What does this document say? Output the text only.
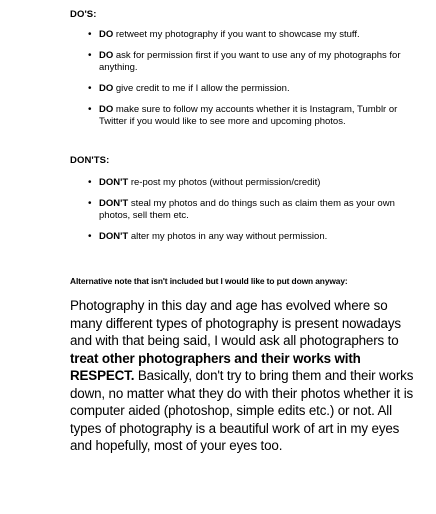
DO'S:
• DO retweet my photography if you want to showcase my stuff.
• DO ask for permission first if you want to use any of my photographs for anything.
• DO give credit to me if I allow the permission.
• DO make sure to follow my accounts whether it is Instagram, Tumblr or Twitter if you would like to see more and upcoming photos.
DON'TS:
• DON'T re-post my photos (without permission/credit)
• DON'T steal my photos and do things such as claim them as your own photos, sell them etc.
• DON'T alter my photos in any way without permission.
Alternative note that isn't included but I would like to put down anyway:

Photography in this day and age has evolved where so many different types of photography is present nowadays and with that being said, I would ask all photographers to treat other photographers and their works with RESPECT. Basically, don't try to bring them and their works down, no matter what they do with their photos whether it is computer aided (photoshop, simple edits etc.) or not. All types of photography is a beautiful work of art in my eyes and hopefully, most of your eyes too.
